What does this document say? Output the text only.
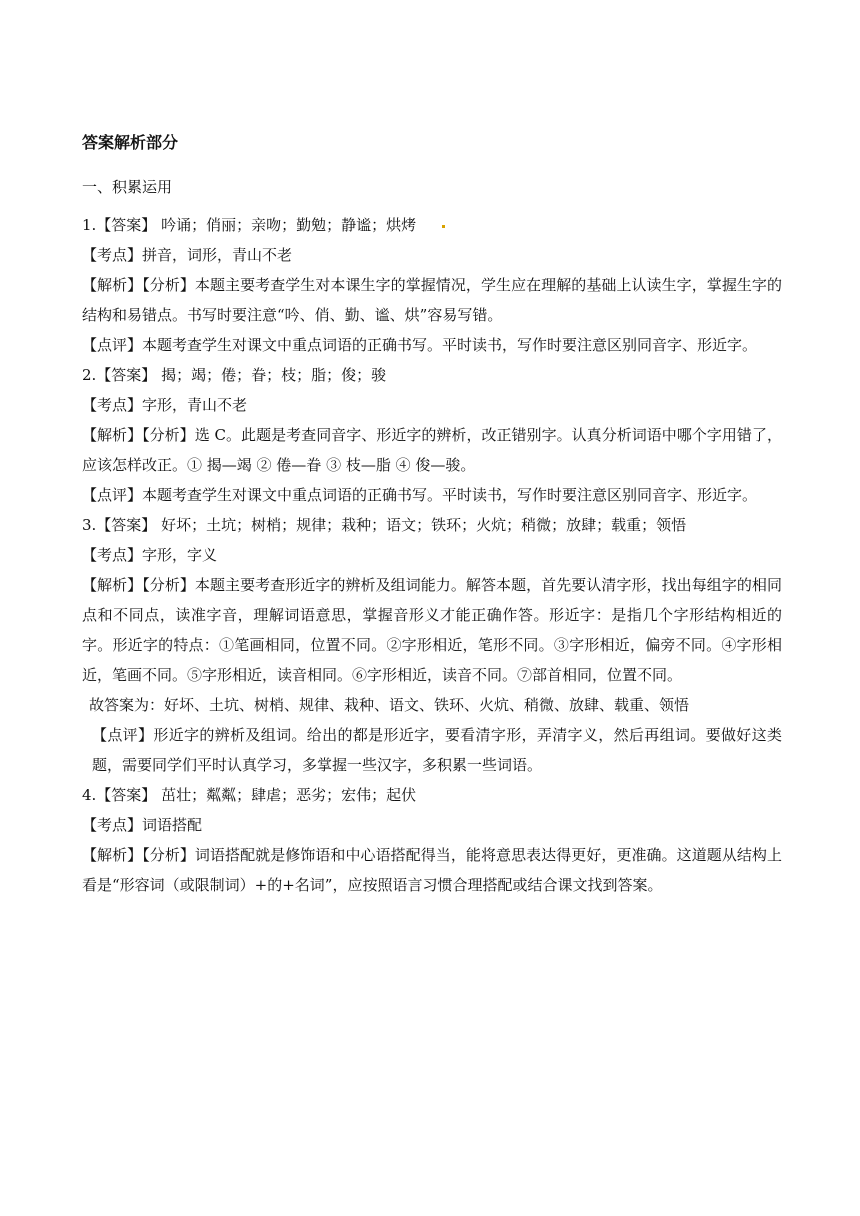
答案解析部分

一、积累运用

1.【答案】 吟诵；俏丽；亲吻；勤勉；静谧；烘烤

【考点】拼音，词形，青山不老

【解析】【分析】本题主要考查学生对本课生字的掌握情况，学生应在理解的基础上认读生字，掌握生字的结构和易错点。书写时要注意“吟、俏、勤、谧、烘”容易写错。

【点评】本题考查学生对课文中重点词语的正确书写。平时读书，写作时要注意区别同音字、形近字。

2.【答案】 揭；竭；倦；眷；枝；脂；俊；骏

【考点】字形，青山不老

【解析】【分析】选 C。此题是考查同音字、形近字的辨析，改正错别字。认真分析词语中哪个字用错了，应该怎样改正。① 揭—竭 ② 倦—眷 ③ 枝—脂 ④ 俊—骏。

【点评】本题考查学生对课文中重点词语的正确书写。平时读书，写作时要注意区别同音字、形近字。

3.【答案】 好坏；土坑；树梢；规律；栽种；语文；铁环；火炕；稍微；放肆；载重；领悟

【考点】字形，字义

【解析】【分析】本题主要考查形近字的辨析及组词能力。解答本题，首先要认清字形，找出每组字的相同点和不同点，读准字音，理解词语意思，掌握音形义才能正确作答。形近字：是指几个字形结构相近的字。形近字的特点：①笔画相同，位置不同。②字形相近，笔形不同。③字形相近，偏旁不同。④字形相近，笔画不同。⑤字形相近，读音相同。⑥字形相近，读音不同。⑦部首相同，位置不同。

故答案为：好坏、土坑、树梢、规律、栽种、语文、铁环、火炕、稍微、放肆、载重、领悟

【点评】形近字的辨析及组词。给出的都是形近字，要看清字形，弄清字义，然后再组词。要做好这类题，需要同学们平时认真学习，多掌握一些汉字，多积累一些词语。

4.【答案】 茁壮；粼粼；肆虐；恶劣；宏伟；起伏

【考点】词语搭配

【解析】【分析】词语搭配就是修饰语和中心语搭配得当，能将意思表达得更好，更准确。这道题从结构上看是“形容词（或限制词）+的+名词”，应按照语言习惯合理搭配或结合课文找到答案。
